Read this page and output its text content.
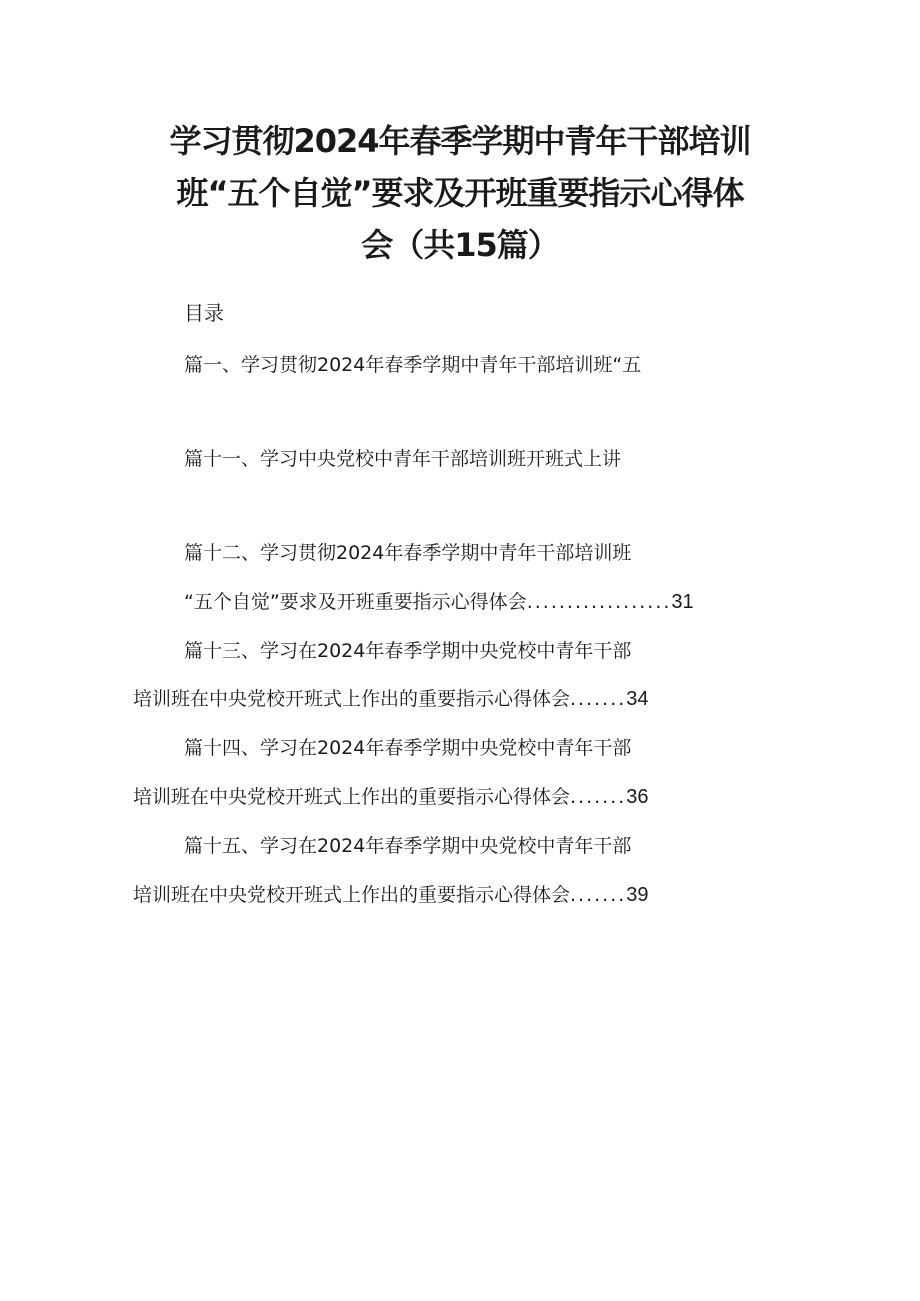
学习贯彻2024年春季学期中青年干部培训
班“五个自觉”要求及开班重要指示心得体
会（共15篇）
目录
篇一、学习贯彻2024年春季学期中青年干部培训班“五
篇十一、学习中央党校中青年干部培训班开班式上讲
篇十二、学习贯彻2024年春季学期中青年干部培训班
“五个自觉”要求及开班重要指示心得体会..................31
篇十三、学习在2024年春季学期中央党校中青年干部
培训班在中央党校开班式上作出的重要指示心得体会.......34
篇十四、学习在2024年春季学期中央党校中青年干部
培训班在中央党校开班式上作出的重要指示心得体会.......36
篇十五、学习在2024年春季学期中央党校中青年干部
培训班在中央党校开班式上作出的重要指示心得体会.......39
